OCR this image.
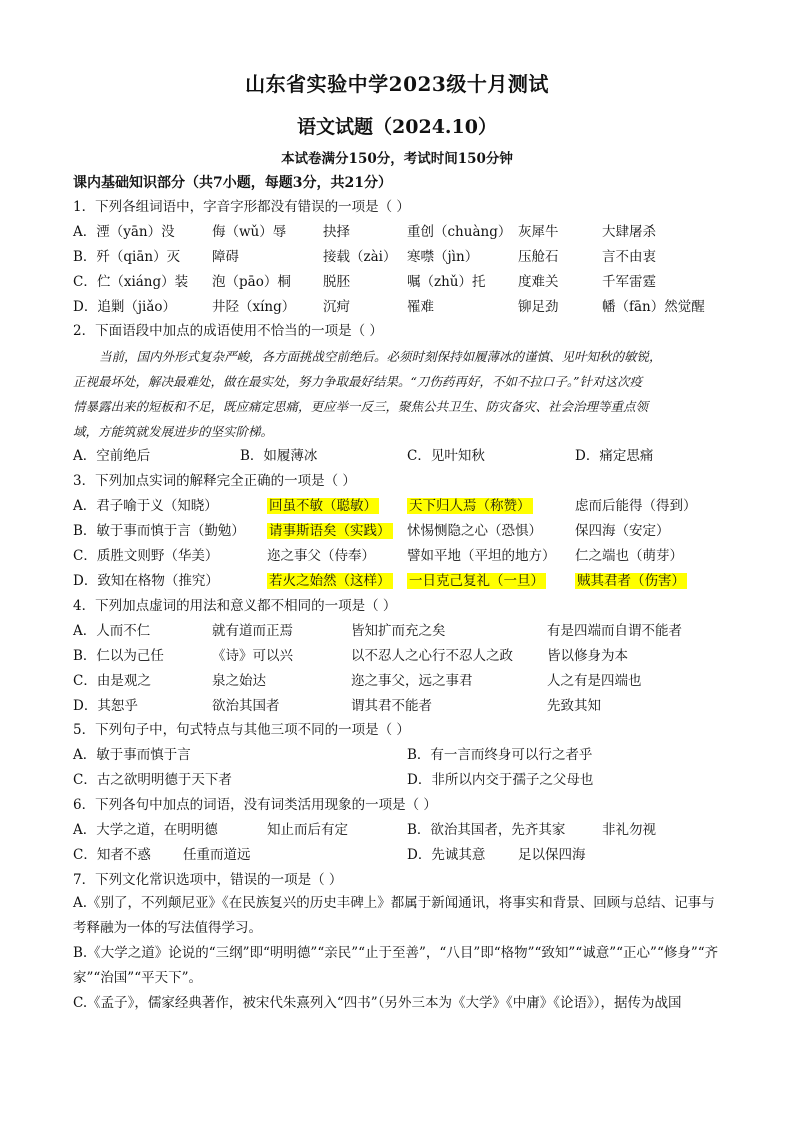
山东省实验中学2023级十月测试
语文试题（2024.10）
本试卷满分150分，考试时间150分钟
课内基础知识部分（共7小题，每题3分，共21分）
1．下列各组词语中，字音字形都没有错误的一项是（ ）
A．湮（yān）没	侮（wǔ）辱	抉择	重创（chuàng） 灰犀牛	大肆屠杀
B．歼（qiān）灭 障碍	接载（zài） 寒噤（jìn）	压舱石	言不由衷
C．伫（xiáng）装 泡（pāo）桐 脱胚	嘱（zhǔ）托 度难关	千军雷霆
D．追剿（jiǎo）	井陉（xíng） 沉疴	罹难	铆足劲	幡（fān）然觉醒
2．下面语段中加点的成语使用不恰当的一项是（ ）
当前，国内外形式复杂严峻，各方面挑战空前绝后。必须时刻保持如履薄冰的谨慎、见叶知秋的敏锐，
正视最坏处，解决最难处，做在最实处，努力争取最好结果。“刀伤药再好，不如不拉口子。”针对这次疫
情暴露出来的短板和不足，既应痛定思痛，更应举一反三，聚焦公共卫生、防灾备灾、社会治理等重点领
域，方能筑就发展进步的坚实阶梯。
A．空前绝后	B．如履薄冰	C．见叶知秋	D．痛定思痛
3．下列加点实词的解释完全正确的一项是（ ）
A．君子喻于义（知晓）	回虽不敏（聪敏） 天下归人焉（称赞）	虑而后能得（得到）
B．敏于事而慎于言（勤勉） 请事斯语矣（实践） 怵惕恻隐之心（恐惧） 保四海（安定）
C．质胜文则野（华美）	迩之事父（侍奉） 譬如平地（平坦的地方） 仁之端也（萌芽）
D．致知在格物（推究）	若火之始然（这样） 一日克己复礼（一旦） 贼其君者（伤害）
4．下列加点虚词的用法和意义都不相同的一项是（ ）
A．人而不仁	就有道而正焉	皆知扩而充之矣	有是四端而自谓不能者
B．仁以为己任	《诗》可以兴	以不忍人之心行不忍人之政	皆以修身为本
C．由是观之	泉之始达	迩之事父，远之事君	人之有是四端也
D．其恕乎	欲治其国者	谓其君不能者	先致其知
5．下列句子中，句式特点与其他三项不同的一项是（ ）
A．敏于事而慎于言	B．有一言而终身可以行之者乎
C．古之欲明明德于天下者	D．非所以内交于孺子之父母也
6．下列各句中加点的词语，没有词类活用现象的一项是（ ）
A．大学之道，在明明德	知止而后有定	B．欲治其国者，先齐其家	非礼勿视
C．知者不惑 任重而道远	D．先诚其意 足以保四海
7．下列文化常识选项中，错误的一项是（ ）
A.《别了，不列颠尼亚》《在民族复兴的历史丰碑上》都属于新闻通讯，将事实和背景、回顾与总结、记事与考释融为一体的写法值得学习。
B.《大学之道》论说的“三纲”即“明明德”“亲民”“止于至善”，“八目”即“格物”“致知”“诚意”“正心”“修身”“齐家”“治国”“平天下”。
C.《孟子》，儒家经典著作，被宋代朱熹列入“四书”（另外三本为《大学》《中庸》《论语》），据传为战国
